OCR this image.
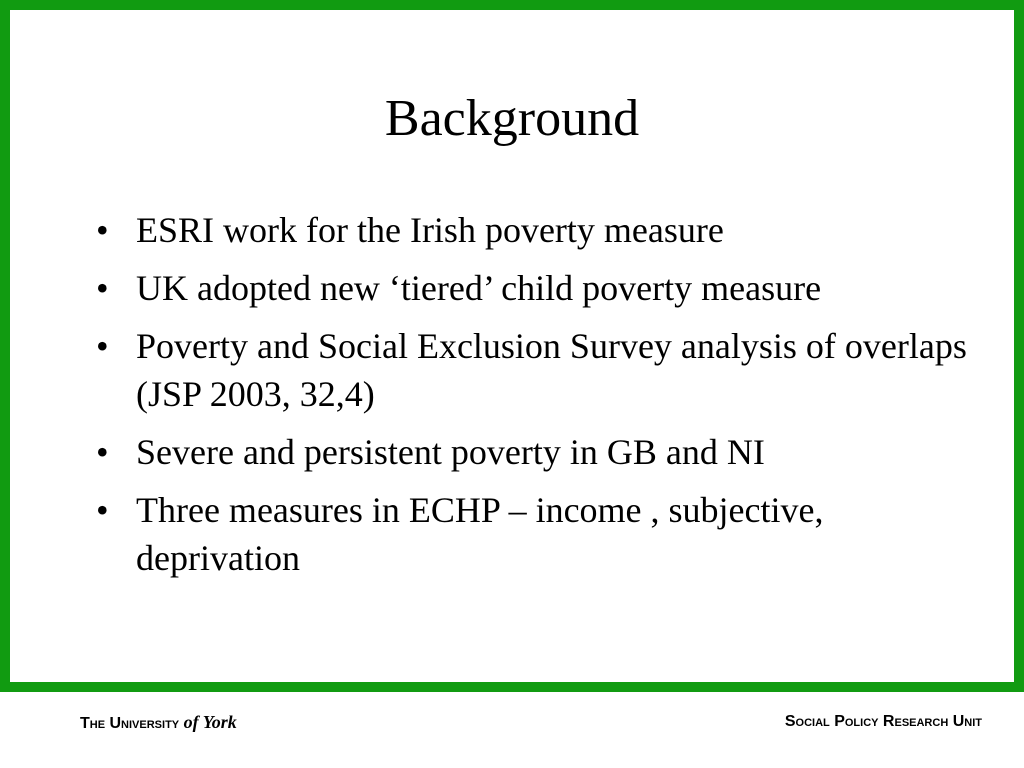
Background
• ESRI work for the Irish poverty measure
• UK adopted new ‘tiered’ child poverty measure
• Poverty and Social Exclusion Survey analysis of overlaps (JSP 2003, 32,4)
• Severe and persistent poverty in GB and NI
• Three measures in ECHP – income , subjective, deprivation
The University of York	Social Policy Research Unit
